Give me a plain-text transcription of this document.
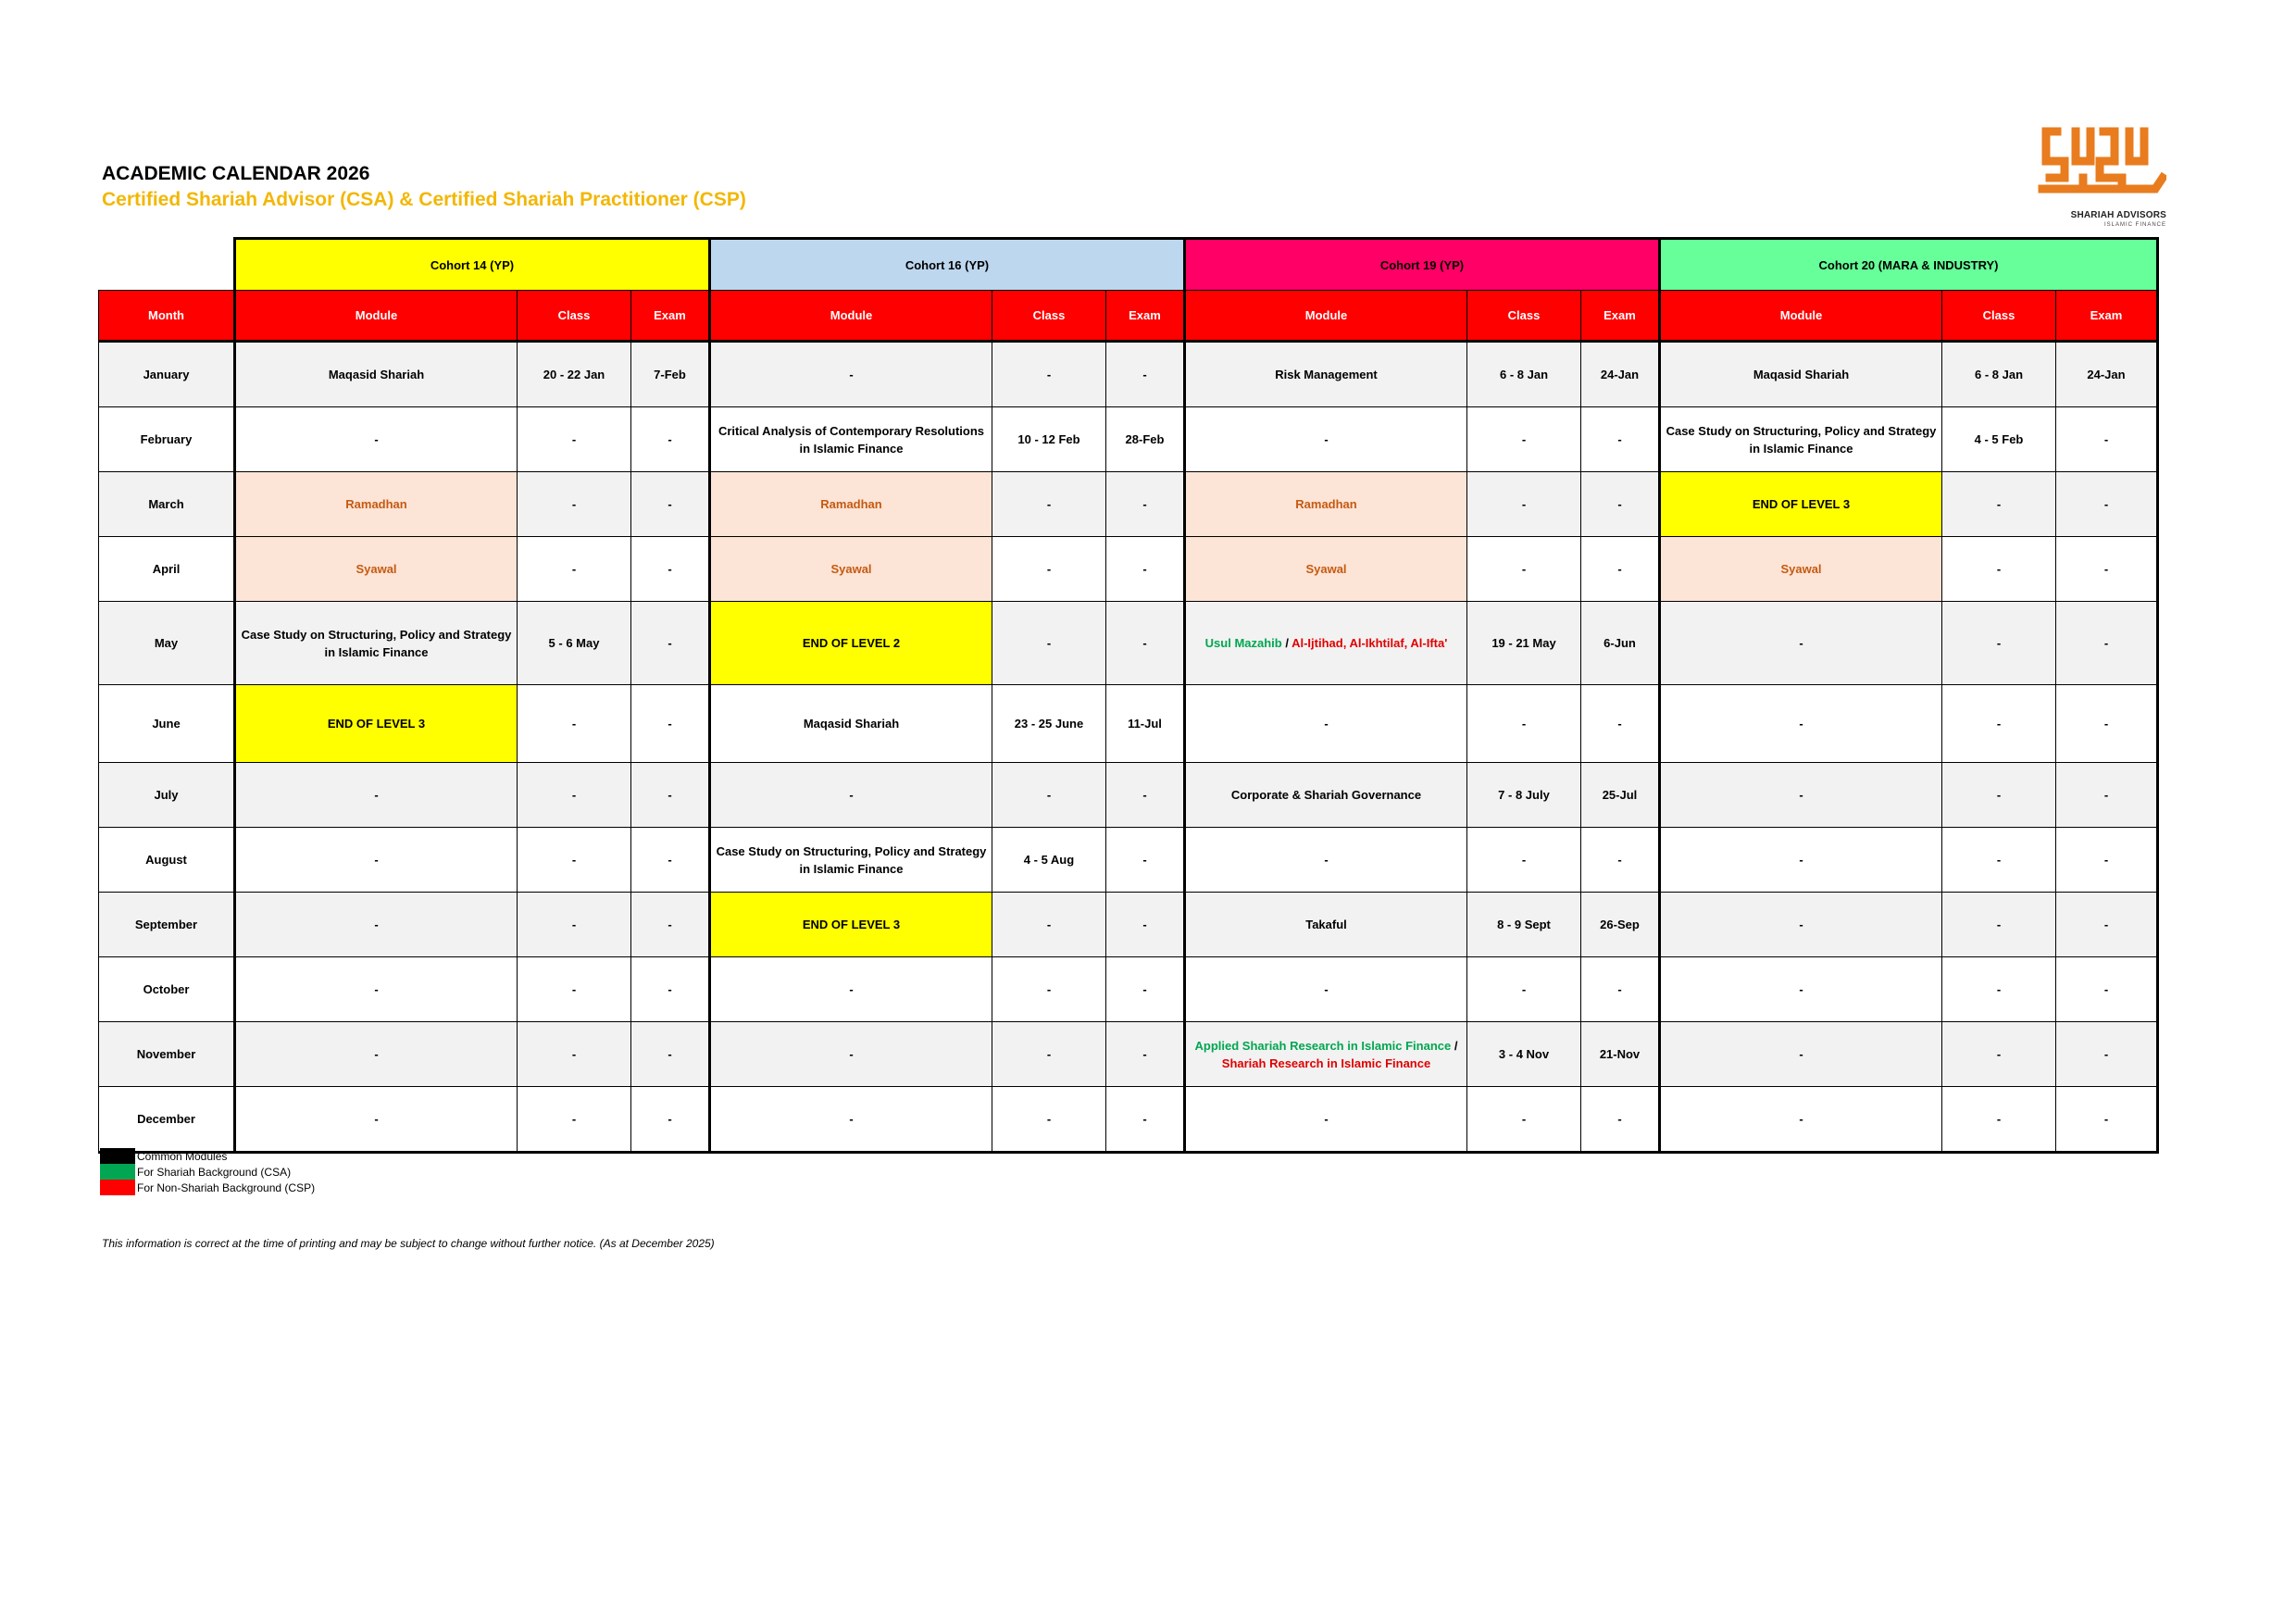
ACADEMIC CALENDAR 2026
Certified Shariah Advisor (CSA) & Certified Shariah Practitioner (CSP)
SHARIAH ADVISORS
ISLAMIC FINANCE
	Cohort 14 (YP)			Cohort 16 (YP)			Cohort 19 (YP)			Cohort 20 (MARA & INDUSTRY)		
Month	Module	Class	Exam	Module	Class	Exam	Module	Class	Exam	Module	Class	Exam
January	Maqasid Shariah	20 - 22 Jan	7-Feb	-	-	-	Risk Management	6 - 8 Jan	24-Jan	Maqasid Shariah	6 - 8 Jan	24-Jan
February	-	-	-	Critical Analysis of Contemporary Resolutions in Islamic Finance	10 - 12 Feb	28-Feb	-	-	-	Case Study on Structuring, Policy and Strategy in Islamic Finance	4 - 5 Feb	-
March	Ramadhan	-	-	Ramadhan	-	-	Ramadhan	-	-	END OF LEVEL 3	-	-
April	Syawal	-	-	Syawal	-	-	Syawal	-	-	Syawal	-	-
May	Case Study on Structuring, Policy and Strategy in Islamic Finance	5 - 6 May	-	END OF LEVEL 2	-	-	Usul Mazahib / Al-Ijtihad, Al-Ikhtilaf, Al-Ifta'	19 - 21 May	6-Jun	-	-	-
June	END OF LEVEL 3	-	-	Maqasid Shariah	23 - 25 June	11-Jul	-	-	-	-	-	-
July	-	-	-	-	-	-	Corporate & Shariah Governance	7 - 8 July	25-Jul	-	-	-
August	-	-	-	Case Study on Structuring, Policy and Strategy in Islamic Finance	4 - 5 Aug	-	-	-	-	-	-	-
September	-	-	-	END OF LEVEL 3	-	-	Takaful	8 - 9 Sept	26-Sep	-	-	-
October	-	-	-	-	-	-	-	-	-	-	-	-
November	-	-	-	-	-	-	Applied Shariah Research in Islamic Finance / Shariah Research in Islamic Finance	3 - 4 Nov	21-Nov	-	-	-
December	-	-	-	-	-	-	-	-	-	-	-	-
Common Modules
For Shariah Background (CSA)
For Non-Shariah Background (CSP)
This information is correct at the time of printing and may be subject to change without further notice. (As at December 2025)
